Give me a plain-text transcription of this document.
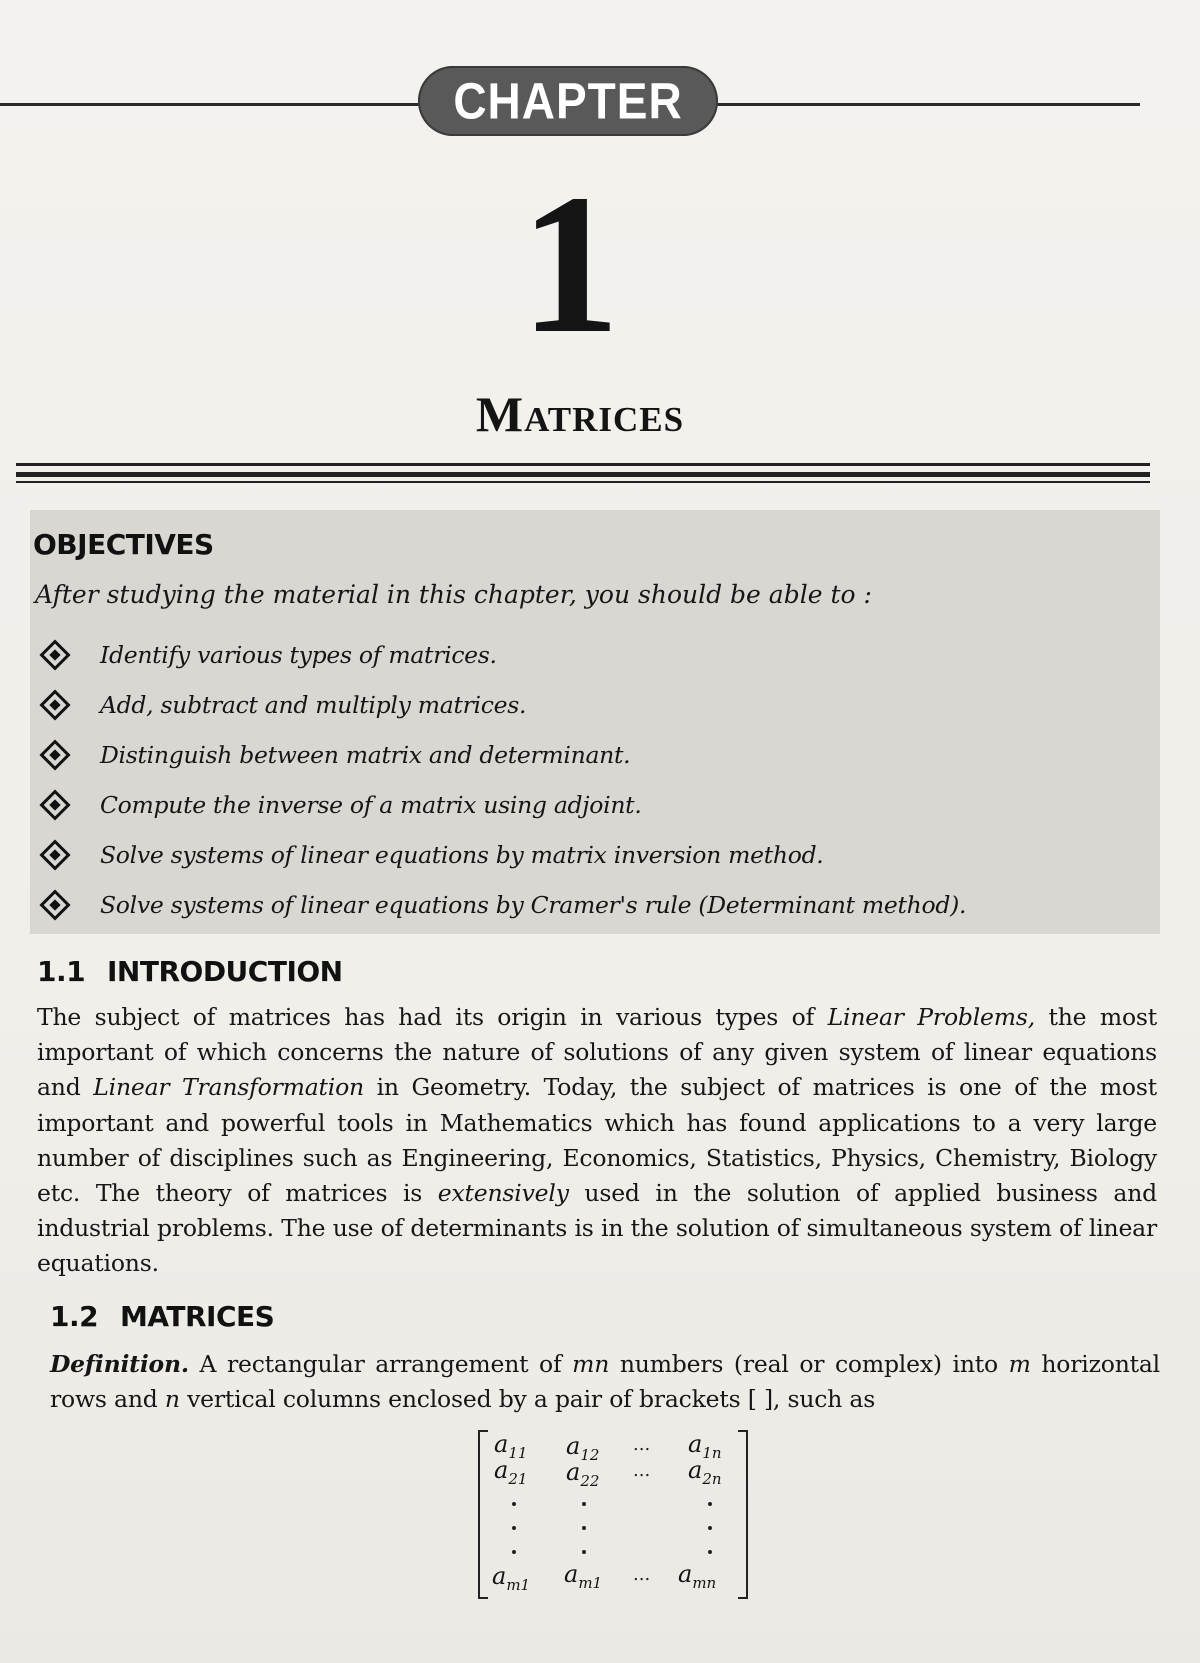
CHAPTER
1
Matrices
OBJECTIVES
After studying the material in this chapter, you should be able to :
Identify various types of matrices.
Add, subtract and multiply matrices.
Distinguish between matrix and determinant.
Compute the inverse of a matrix using adjoint.
Solve systems of linear equations by matrix inversion method.
Solve systems of linear equations by Cramer's rule (Determinant method).
1.1 INTRODUCTION

The subject of matrices has had its origin in various types of Linear Problems, the most important of which concerns the nature of solutions of any given system of linear equations and Linear Transformation in Geometry. Today, the subject of matrices is one of the most important and powerful tools in Mathematics which has found applications to a very large number of disciplines such as Engineering, Economics, Statistics, Physics, Chemistry, Biology etc. The theory of matrices is extensively used in the solution of applied business and industrial problems. The use of determinants is in the solution of simultaneous system of linear equations.

1.2 MATRICES

Definition. A rectangular arrangement of mn numbers (real or complex) into m horizontal rows and n vertical columns enclosed by a pair of brackets [ ], such as

$a_{11}$ $a_{12}$ ... $a_{1n}$
$a_{21}$ $a_{22}$ ... $a_{2n}$
$a_{m1}$ $a_{m1}$ ... $a_{mn}$
